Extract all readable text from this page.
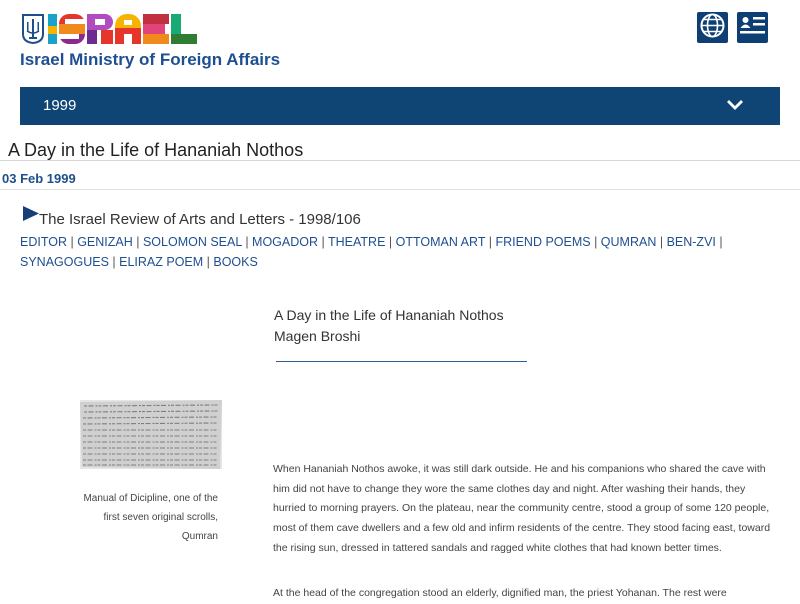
Israel Ministry of Foreign Affairs
1999
A Day in the Life of Hananiah Nothos
03 Feb 1999
The Israel Review of Arts and Letters - 1998/106
EDITOR | GENIZAH | SOLOMON SEAL | MOGADOR | THEATRE | OTTOMAN ART | FRIEND POEMS | QUMRAN | BEN-ZVI | SYNAGOGUES | ELIRAZ POEM | BOOKS
A Day in the Life of Hananiah Nothos
Magen Broshi
Manual of Dicipline, one of the
first seven original scrolls,
Qumran
When Hananiah Nothos awoke, it was still dark outside. He and his companions who shared the cave with him did not have to change they wore the same clothes day and night. After washing their hands, they hurried to morning prayers. On the plateau, near the community centre, stood a group of some 120 people, most of them cave dwellers and a few old and infirm residents of the centre. They stood facing east, toward the rising sun, dressed in tattered sandals and ragged white clothes that had known better times.
At the head of the congregation stood an elderly, dignified man, the priest Yohanan. The rest were
